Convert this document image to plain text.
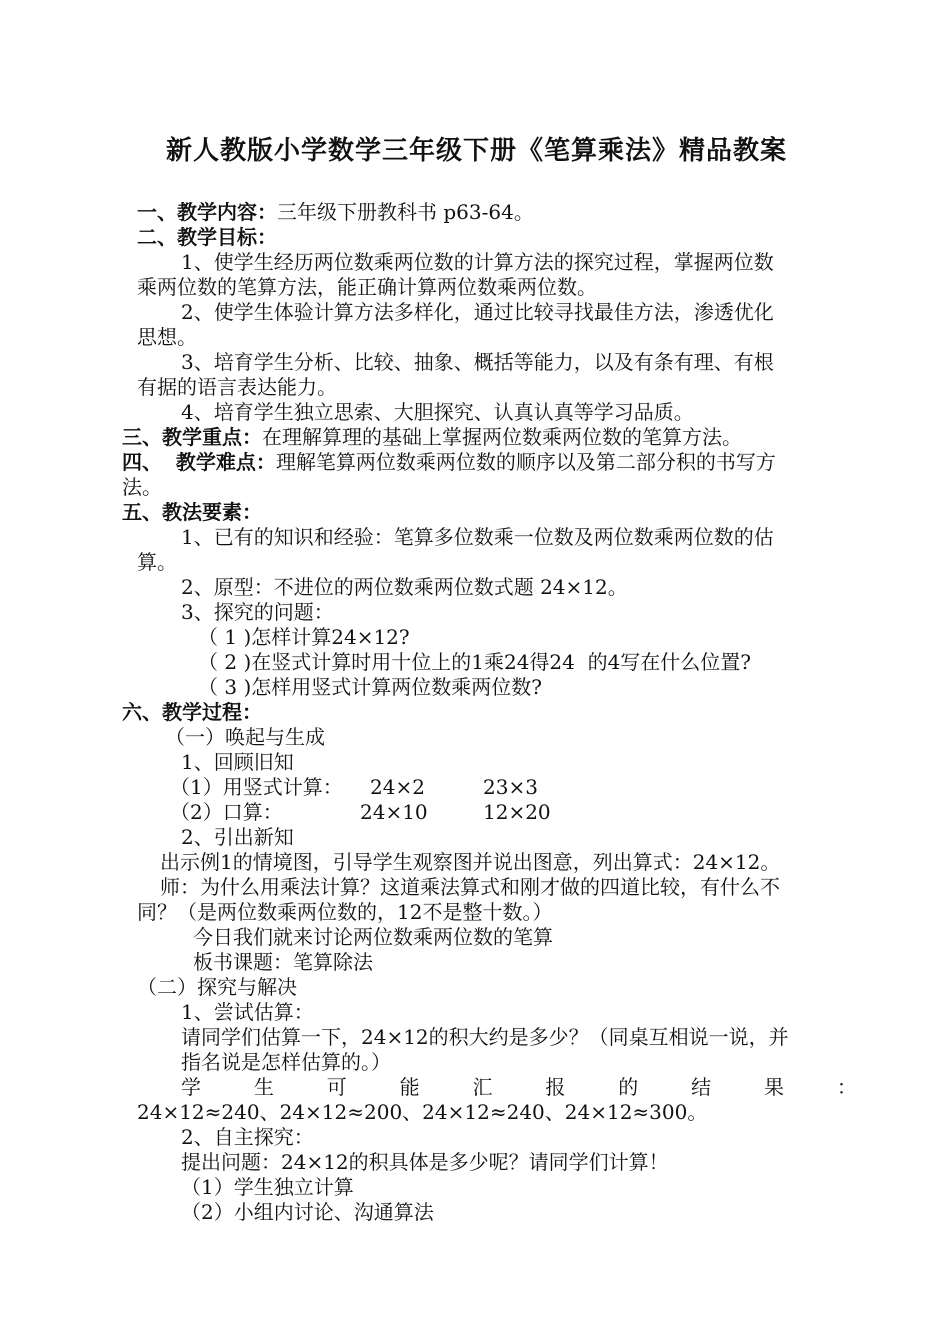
新人教版小学数学三年级下册《笔算乘法》精品教案
一、教学内容：三年级下册教科书 p63-64。
二、教学目标：
1、使学生经历两位数乘两位数的计算方法的探究过程，掌握两位数
乘两位数的笔算方法，能正确计算两位数乘两位数。
2、使学生体验计算方法多样化，通过比较寻找最佳方法，渗透优化
思想。
3、培育学生分析、比较、抽象、概括等能力，以及有条有理、有根
有据的语言表达能力。
4、培育学生独立思索、大胆探究、认真认真等学习品质。
三、教学重点：在理解算理的基础上掌握两位数乘两位数的笔算方法。
四、  教学难点：理解笔算两位数乘两位数的顺序以及第二部分积的书写方
法。
五、教法要素：
1、已有的知识和经验：笔算多位数乘一位数及两位数乘两位数的估
算。
2、原型：不进位的两位数乘两位数式题 24×12。
3、探究的问题：
（ 1 )怎样计算24×12?
（ 2 )在竖式计算时用十位上的1乘24得24  的4写在什么位置?
（ 3 )怎样用竖式计算两位数乘两位数?
六、教学过程：
（一）唤起与生成
1、回顾旧知
（1）用竖式计算： 24×2	23×3
（2）口算：	24×10	12×20
2、引出新知
出示例1的情境图，引导学生观察图并说出图意，列出算式：24×12。
师：为什么用乘法计算？这道乘法算式和刚才做的四道比较，有什么不
同？（是两位数乘两位数的，12不是整十数。）
今日我们就来讨论两位数乘两位数的笔算
板书课题：笔算除法
（二）探究与解决
1、尝试估算：
请同学们估算一下，24×12的积大约是多少？（同桌互相说一说，并
指名说是怎样估算的。）
学	生	可	能	汇	报	的	结	果	：
24×12≈240、24×12≈200、24×12≈240、24×12≈300。
2、自主探究：
提出问题：24×12的积具体是多少呢？请同学们计算！
（1）学生独立计算
（2）小组内讨论、沟通算法
